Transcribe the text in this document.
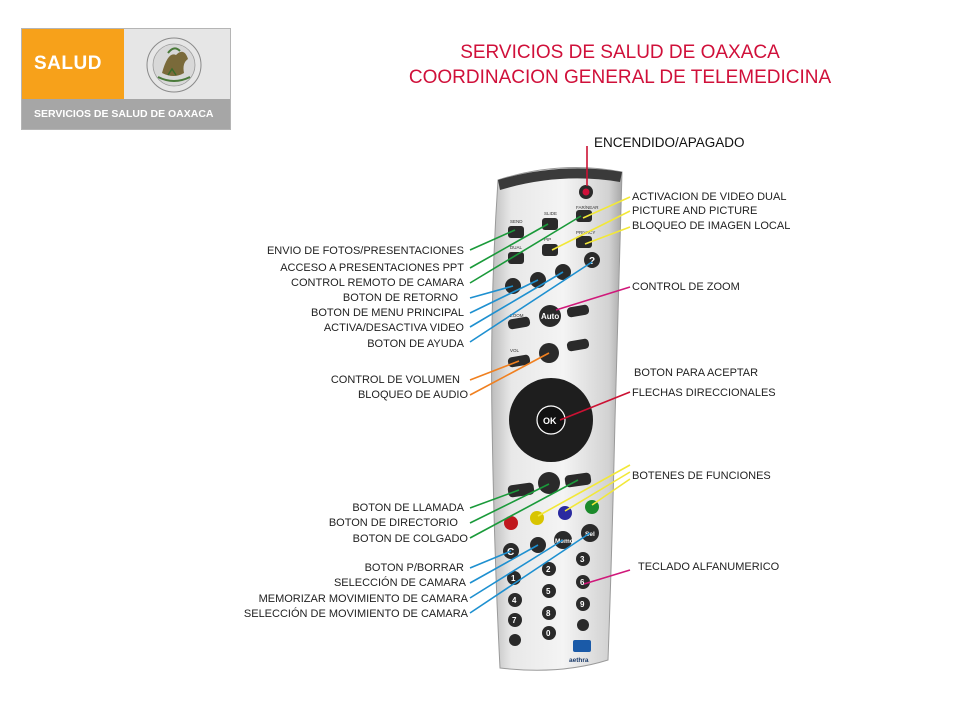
SALUD
SERVICIOS DE SALUD DE OAXACA
SERVICIOS DE SALUD DE OAXACA
COORDINACION GENERAL DE TELEMEDICINA
SEND
SLIDE
FAR/NEAR
DUAL
PIP
PRIVACY
?
ZOOM Auto
VOL
OK
C
Memo
Sel
1
2
3
4
5
6
7
8
9
0
aethra
ENCENDIDO/APAGADO
ACTIVACION DE VIDEO DUAL
PICTURE AND PICTURE
BLOQUEO DE IMAGEN LOCAL
CONTROL DE ZOOM
BOTON PARA ACEPTAR
FLECHAS DIRECCIONALES
BOTENES DE FUNCIONES
TECLADO ALFANUMERICO
ENVIO DE FOTOS/PRESENTACIONES
ACCESO A PRESENTACIONES PPT
CONTROL REMOTO DE CAMARA
BOTON DE RETORNO
BOTON DE MENU PRINCIPAL
ACTIVA/DESACTIVA VIDEO
BOTON DE AYUDA
CONTROL DE VOLUMEN
BLOQUEO DE AUDIO
BOTON DE LLAMADA
BOTON DE DIRECTORIO
BOTON DE COLGADO
BOTON P/BORRAR
SELECCIÓN DE CAMARA
MEMORIZAR MOVIMIENTO DE CAMARA
SELECCIÓN DE MOVIMIENTO DE CAMARA
